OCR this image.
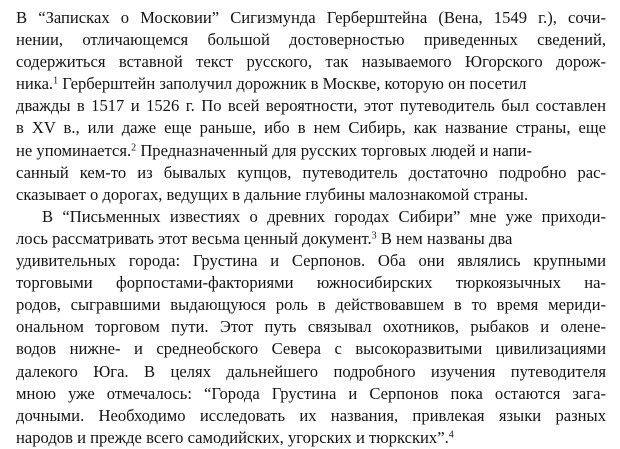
В “Записках о Московии” Сигизмунда Герберштейна (Вена, 1549 г.), сочи-
нении, отличающемся большой достоверностью приведенных сведений,
содержиться вставной текст русского, так называемого Югорского дорож-
ника.$^1$ Герберштейн заполучил дорожник в Москве, которую он посетил
дважды в 1517 и 1526 г. По всей вероятности, этот путеводитель был составлен
в XV в., или даже еще раньше, ибо в нем Сибирь, как название страны, еще
не упоминается.$^2$ Предназначенный для русских торговых людей и напи-
санный кем-то из бывалых купцов, путеводитель достаточно подробно рас-
сказывает о дорогах, ведущих в дальние глубины малознакомой страны.
В “Письменных известиях о древних городах Сибири” мне уже приходи-
лось рассматривать этот весьма ценный документ.$^3$ В нем названы два
удивительных города: Грустина и Серпонов. Оба они являлись крупными
торговыми форпостами-факториями южносибирских тюркоязычных на-
родов, сыгравшими выдающуюся роль в действовавшем в то время мериди-
ональном торговом пути. Этот путь связывал охотников, рыбаков и олене-
водов нижне- и среднеобского Севера с высокоразвитыми цивилизациями
далекого Юга. В целях дальнейшего подробного изучения путеводителя
мною уже отмечалось: “Города Грустина и Серпонов пока остаются зага-
дочными. Необходимо исследовать их названия, привлекая языки разных
народов и прежде всего самодийских, угорских и тюркских”.$^4$
